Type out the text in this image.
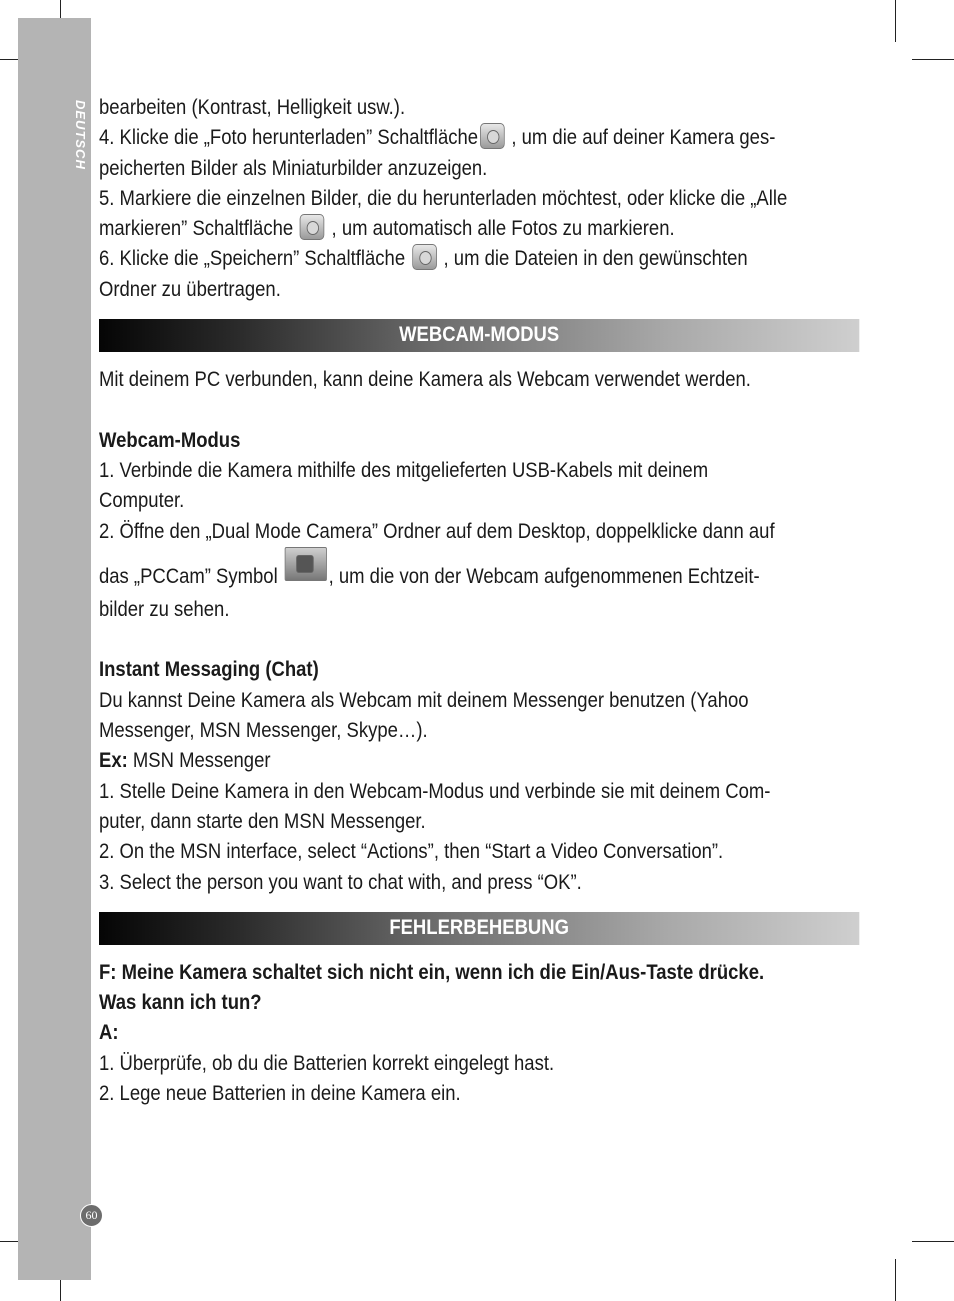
DEUTSCH
60

bearbeiten (Kontrast, Helligkeit usw.).

4. Klicke die „Foto herunterladen” Schaltfläche , um die auf deiner Kamera ges-

peicherten Bilder als Miniaturbilder anzuzeigen.

5. Markiere die einzelnen Bilder, die du herunterladen möchtest, oder klicke die „Alle

markieren” Schaltfläche  , um automatisch alle Fotos zu markieren.

6. Klicke die „Speichern” Schaltfläche  , um die Dateien in den gewünschten

Ordner zu übertragen.

WEBCAM-MODUS

Mit deinem PC verbunden, kann deine Kamera als Webcam verwendet werden.

Webcam-Modus

1. Verbinde die Kamera mithilfe des mitgelieferten USB-Kabels mit deinem

Computer.

2. Öffne den „Dual Mode Camera” Ordner auf dem Desktop, doppelklicke dann auf

das „PCCam” Symbol , um die von der Webcam aufgenommenen Echtzeit-

bilder zu sehen.

Instant Messaging (Chat)

Du kannst Deine Kamera als Webcam mit deinem Messenger benutzen (Yahoo

Messenger, MSN Messenger, Skype…).

Ex: MSN Messenger

1. Stelle Deine Kamera in den Webcam-Modus und verbinde sie mit deinem Com-

puter, dann starte den MSN Messenger.

2. On the MSN interface, select “Actions”, then “Start a Video Conversation”.

3. Select the person you want to chat with, and press “OK”.

FEHLERBEHEBUNG

F: Meine Kamera schaltet sich nicht ein, wenn ich die Ein/Aus-Taste drücke.

Was kann ich tun?

A:

1. Überprüfe, ob du die Batterien korrekt eingelegt hast.

2. Lege neue Batterien in deine Kamera ein.
